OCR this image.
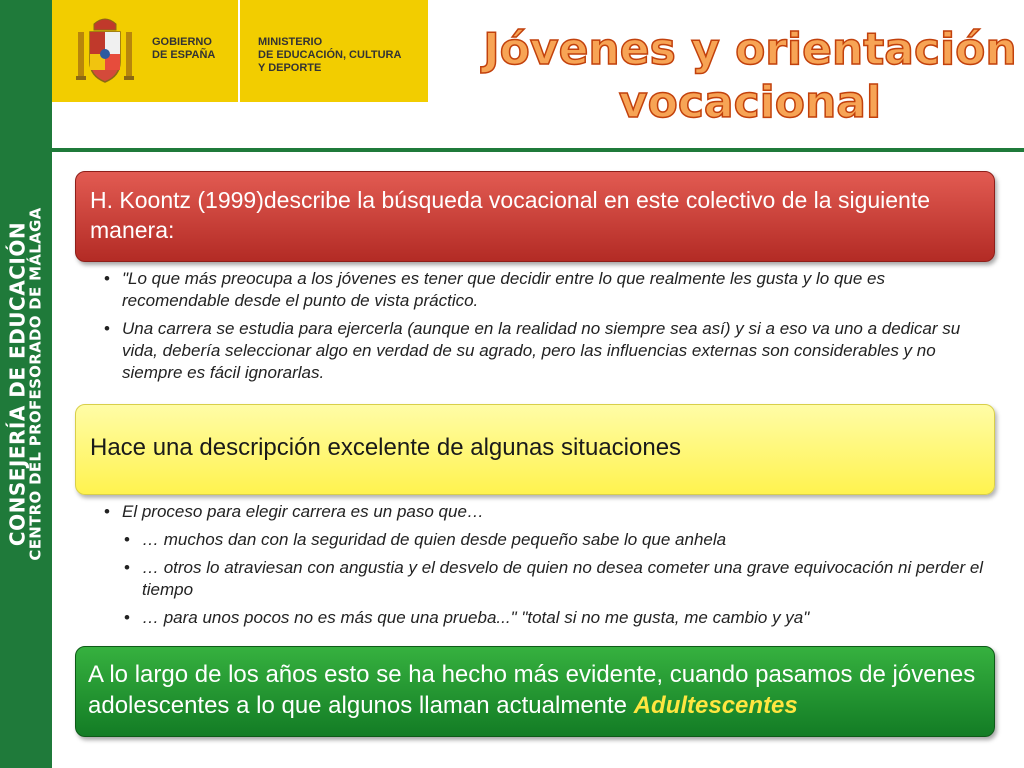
CONSEJERÍA DE EDUCACIÓN
CENTRO DEL PROFESORADO DE MÁLAGA
GOBIERNO
DE ESPAÑA
MINISTERIO
DE EDUCACIÓN, CULTURA
Y DEPORTE	Jóvenes y orientación
vocacional
H. Koontz (1999)describe la búsqueda vocacional en este colectivo de la siguiente manera:
• "Lo que más preocupa a los jóvenes es tener que decidir entre lo que realmente les gusta y lo que es recomendable desde el punto de vista práctico.
• Una carrera se estudia para ejercerla (aunque en la realidad no siempre sea así) y si a eso va uno a dedicar su vida, debería seleccionar algo en verdad de su agrado, pero las influencias externas son considerables y no siempre es fácil ignorarlas.
Hace una descripción excelente de algunas situaciones
• El proceso para elegir carrera es un paso que…
• … muchos dan con la seguridad de quien desde pequeño sabe lo que anhela
• … otros lo atraviesan con angustia y el desvelo de quien no desea cometer una grave equivocación ni perder el tiempo
• … para unos pocos no es más que una prueba..." "total si no me gusta, me cambio y ya"
A lo largo de los años esto se ha hecho más evidente, cuando pasamos de jóvenes adolescentes a lo que algunos llaman actualmente Adultescentes
